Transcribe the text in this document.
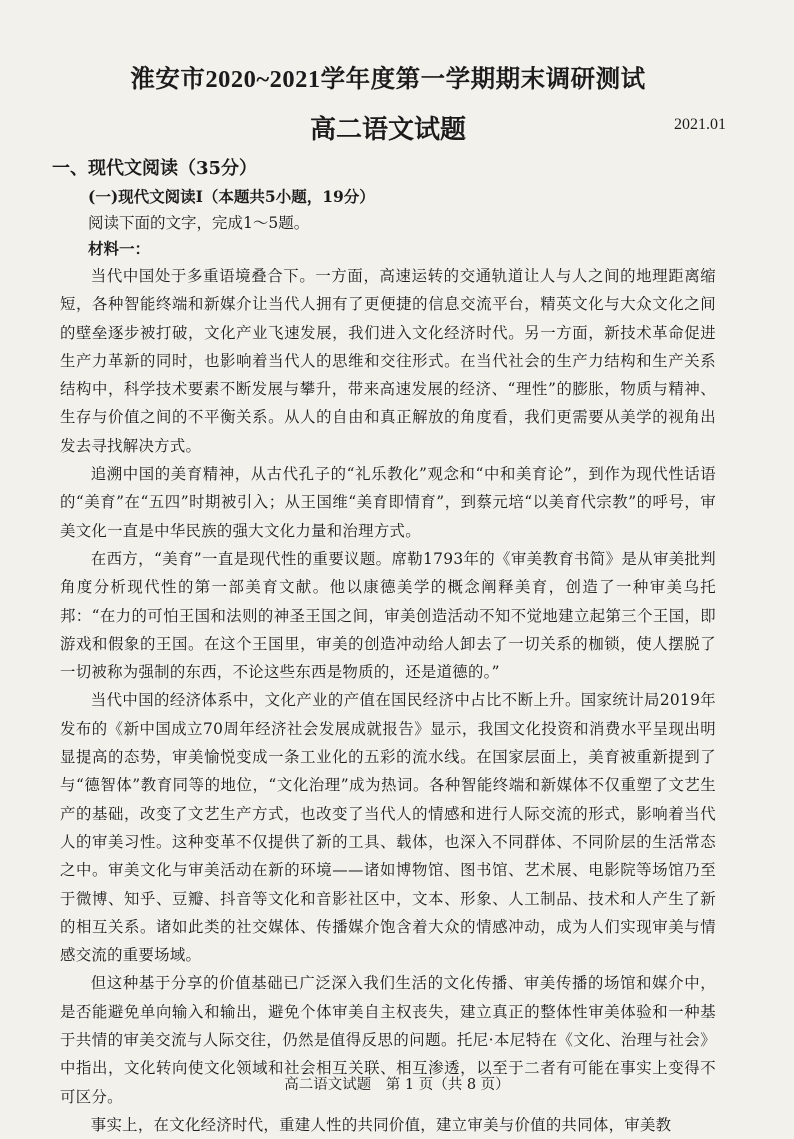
淮安市2020~2021学年度第一学期期末调研测试
高二语文试题	2021.01
一、现代文阅读（35分）
(一)现代文阅读Ⅰ（本题共5小题，19分）
阅读下面的文字，完成1～5题。
材料一：

当代中国处于多重语境叠合下。一方面，高速运转的交通轨道让人与人之间的地理距离缩短，各种智能终端和新媒介让当代人拥有了更便捷的信息交流平台，精英文化与大众文化之间的壁垒逐步被打破，文化产业飞速发展，我们进入文化经济时代。另一方面，新技术革命促进生产力革新的同时，也影响着当代人的思维和交往形式。在当代社会的生产力结构和生产关系结构中，科学技术要素不断发展与攀升，带来高速发展的经济、“理性”的膨胀，物质与精神、生存与价值之间的不平衡关系。从人的自由和真正解放的角度看，我们更需要从美学的视角出发去寻找解决方式。

追溯中国的美育精神，从古代孔子的“礼乐教化”观念和“中和美育论”，到作为现代性话语的“美育”在“五四”时期被引入；从王国维“美育即情育”，到蔡元培“以美育代宗教”的呼号，审美文化一直是中华民族的强大文化力量和治理方式。

在西方，“美育”一直是现代性的重要议题。席勒1793年的《审美教育书简》是从审美批判角度分析现代性的第一部美育文献。他以康德美学的概念阐释美育，创造了一种审美乌托邦：“在力的可怕王国和法则的神圣王国之间，审美创造活动不知不觉地建立起第三个王国，即游戏和假象的王国。在这个王国里，审美的创造冲动给人卸去了一切关系的枷锁，使人摆脱了一切被称为强制的东西，不论这些东西是物质的，还是道德的。”

当代中国的经济体系中，文化产业的产值在国民经济中占比不断上升。国家统计局2019年发布的《新中国成立70周年经济社会发展成就报告》显示，我国文化投资和消费水平呈现出明显提高的态势，审美愉悦变成一条工业化的五彩的流水线。在国家层面上，美育被重新提到了与“德智体”教育同等的地位，“文化治理”成为热词。各种智能终端和新媒体不仅重塑了文艺生产的基础，改变了文艺生产方式，也改变了当代人的情感和进行人际交流的形式，影响着当代人的审美习性。这种变革不仅提供了新的工具、载体，也深入不同群体、不同阶层的生活常态之中。审美文化与审美活动在新的环境——诸如博物馆、图书馆、艺术展、电影院等场馆乃至于微博、知乎、豆瓣、抖音等文化和音影社区中，文本、形象、人工制品、技术和人产生了新的相互关系。诸如此类的社交媒体、传播媒介饱含着大众的情感冲动，成为人们实现审美与情感交流的重要场域。

但这种基于分享的价值基础已广泛深入我们生活的文化传播、审美传播的场馆和媒介中，是否能避免单向输入和输出，避免个体审美自主权丧失，建立真正的整体性审美体验和一种基于共情的审美交流与人际交往，仍然是值得反思的问题。托尼·本尼特在《文化、治理与社会》中指出，文化转向使文化领域和社会相互关联、相互渗透，以至于二者有可能在事实上变得不可区分。

事实上，在文化经济时代，重建人性的共同价值，建立审美与价值的共同体，审美教

高二语文试题　第 1 页（共 8 页）
